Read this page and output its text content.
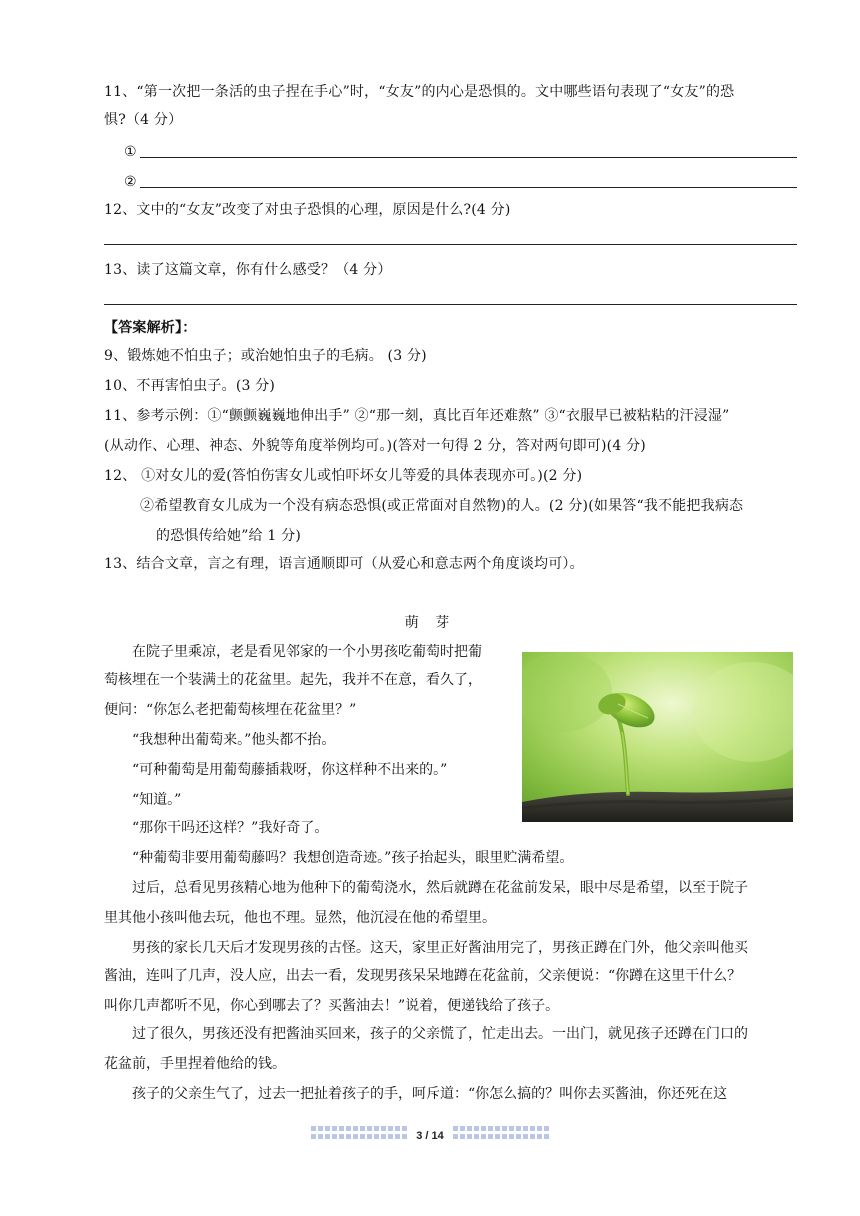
11、“第一次把一条活的虫子捏在手心”时，“女友”的内心是恐惧的。文中哪些语句表现了“女友”的恐
惧?（4 分）
①
②
12、文中的“女友”改变了对虫子恐惧的心理，原因是什么?(4 分)
13、读了这篇文章，你有什么感受？（4 分）
【答案解析】：
9、锻炼她不怕虫子；或治她怕虫子的毛病。 (3 分)
10、不再害怕虫子。(3 分)
11、参考示例：①“颤颤巍巍地伸出手” ②“那一刻，真比百年还难熬” ③“衣服早已被粘粘的汗浸湿”
(从动作、心理、神态、外貌等角度举例均可。)(答对一句得 2 分，答对两句即可)(4 分)
12、 ①对女儿的爱(答怕伤害女儿或怕吓坏女儿等爱的具体表现亦可。)(2 分)
②希望教育女儿成为一个没有病态恐惧(或正常面对自然物)的人。(2 分)(如果答“我不能把我病态
的恐惧传给她”给 1 分)
13、结合文章，言之有理，语言通顺即可（从爱心和意志两个角度谈均可）。
萌 芽
在院子里乘凉，老是看见邻家的一个小男孩吃葡萄时把葡
萄核埋在一个装满土的花盆里。起先，我并不在意，看久了，
便问：“你怎么老把葡萄核埋在花盆里？”
“我想种出葡萄来。”他头都不抬。
“可种葡萄是用葡萄藤插栽呀，你这样种不出来的。”
“知道。”
“那你干吗还这样？”我好奇了。
“种葡萄非要用葡萄藤吗？我想创造奇迹。”孩子抬起头，眼里贮满希望。
过后，总看见男孩精心地为他种下的葡萄浇水，然后就蹲在花盆前发呆，眼中尽是希望，以至于院子
里其他小孩叫他去玩，他也不理。显然，他沉浸在他的希望里。
男孩的家长几天后才发现男孩的古怪。这天，家里正好酱油用完了，男孩正蹲在门外，他父亲叫他买
酱油，连叫了几声，没人应，出去一看，发现男孩呆呆地蹲在花盆前，父亲便说：“你蹲在这里干什么？
叫你几声都听不见，你心到哪去了？买酱油去！”说着，便递钱给了孩子。
过了很久，男孩还没有把酱油买回来，孩子的父亲慌了，忙走出去。一出门，就见孩子还蹲在门口的
花盆前，手里捏着他给的钱。
孩子的父亲生气了，过去一把扯着孩子的手，呵斥道：“你怎么搞的？叫你去买酱油，你还死在这
3 / 14
